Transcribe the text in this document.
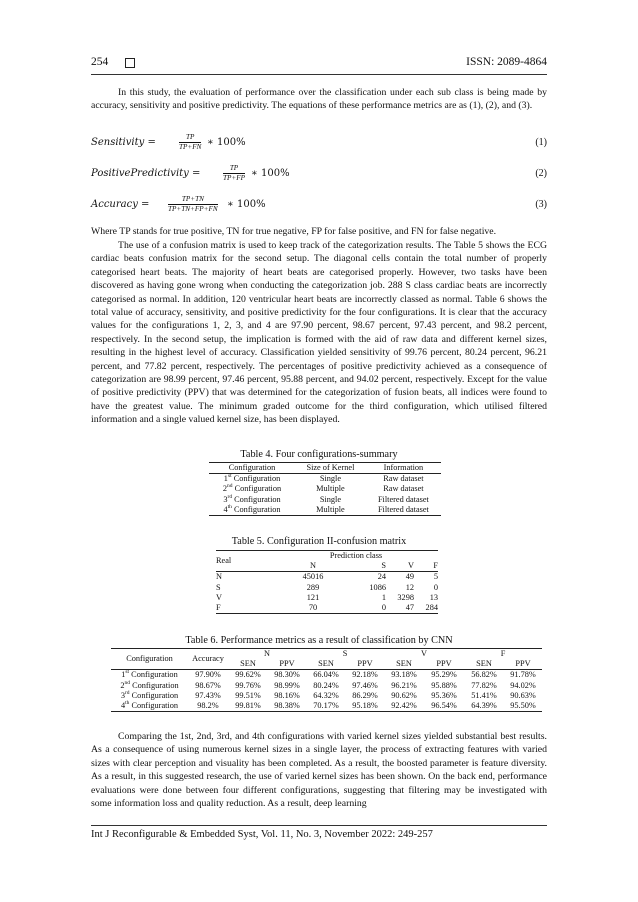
254	ISSN: 2089-4864

In this study, the evaluation of performance over the classification under each sub class is being made by accuracy, sensitivity and positive predictivity. The equations of these performance metrics are as (1), (2), and (3).

Sensitivity =	$\frac{TP}{TP+FN}$ ∗ 100%	(1)
PositivePredictivity =	$\frac{TP}{TP+FP}$ ∗ 100%	(2)
Accuracy =	$\frac{TP+TN}{TP+TN+FP+FN}$ ∗ 100%	(3)

Where TP stands for true positive, TN for true negative, FP for false positive, and FN for false negative.

The use of a confusion matrix is used to keep track of the categorization results. The Table 5 shows the ECG cardiac beats confusion matrix for the second setup. The diagonal cells contain the total number of properly categorised heart beats. The majority of heart beats are categorised properly. However, two tasks have been discovered as having gone wrong when conducting the categorization job. 288 S class cardiac beats are incorrectly categorised as normal. In addition, 120 ventricular heart beats are incorrectly classed as normal. Table 6 shows the total value of accuracy, sensitivity, and positive predictivity for the four configurations. It is clear that the accuracy values for the configurations 1, 2, 3, and 4 are 97.90 percent, 98.67 percent, 97.43 percent, and 98.2 percent, respectively. In the second setup, the implication is formed with the aid of raw data and different kernel sizes, resulting in the highest level of accuracy. Classification yielded sensitivity of 99.76 percent, 80.24 percent, 96.21 percent, and 77.82 percent, respectively. The percentages of positive predictivity achieved as a consequence of categorization are 98.99 percent, 97.46 percent, 95.88 percent, and 94.02 percent, respectively. Except for the value of positive predictivity (PPV) that was determined for the categorization of fusion beats, all indices were found to have the greatest value. The minimum graded outcome for the third configuration, which utilised filtered information and a single valued kernel size, has been displayed.

Table 4. Four configurations-summary
Configuration	Size of Kernel	Information
1st Configuration	Single	Raw dataset
2nd Configuration	Multiple	Raw dataset
3rd Configuration	Single	Filtered dataset
4th Configuration	Multiple	Filtered dataset
Table 5. Configuration II-confusion matrix
Real	Prediction class			
	N	S	V	F
N	45016	24	49	5
S	289	1086	12	0
V	121	1	3298	13
F	70	0	47	284
Table 6. Performance metrics as a result of classification by CNN
Configuration	Accuracy	N		S		V		F	
		SEN	PPV	SEN	PPV	SEN	PPV	SEN	PPV
1st Configuration	97.90%	99.62%	98.30%	66.04%	92.18%	93.18%	95.29%	56.82%	91.78%
2nd Configuration	98.67%	99.76%	98.99%	80.24%	97.46%	96.21%	95.88%	77.82%	94.02%
3rd Configuration	97.43%	99.51%	98.16%	64.32%	86.29%	90.62%	95.36%	51.41%	90.63%
4th Configuration	98.2%	99.81%	98.38%	70.17%	95.18%	92.42%	96.54%	64.39%	95.50%

Comparing the 1st, 2nd, 3rd, and 4th configurations with varied kernel sizes yielded substantial best results. As a consequence of using numerous kernel sizes in a single layer, the process of extracting features with varied sizes with clear perception and visuality has been completed. As a result, the boosted parameter is feature diversity. As a result, in this suggested research, the use of varied kernel sizes has been shown. On the back end, performance evaluations were done between four different configurations, suggesting that filtering may be investigated with some information loss and quality reduction. As a result, deep learning

Int J Reconfigurable & Embedded Syst, Vol. 11, No. 3, November 2022: 249-257
